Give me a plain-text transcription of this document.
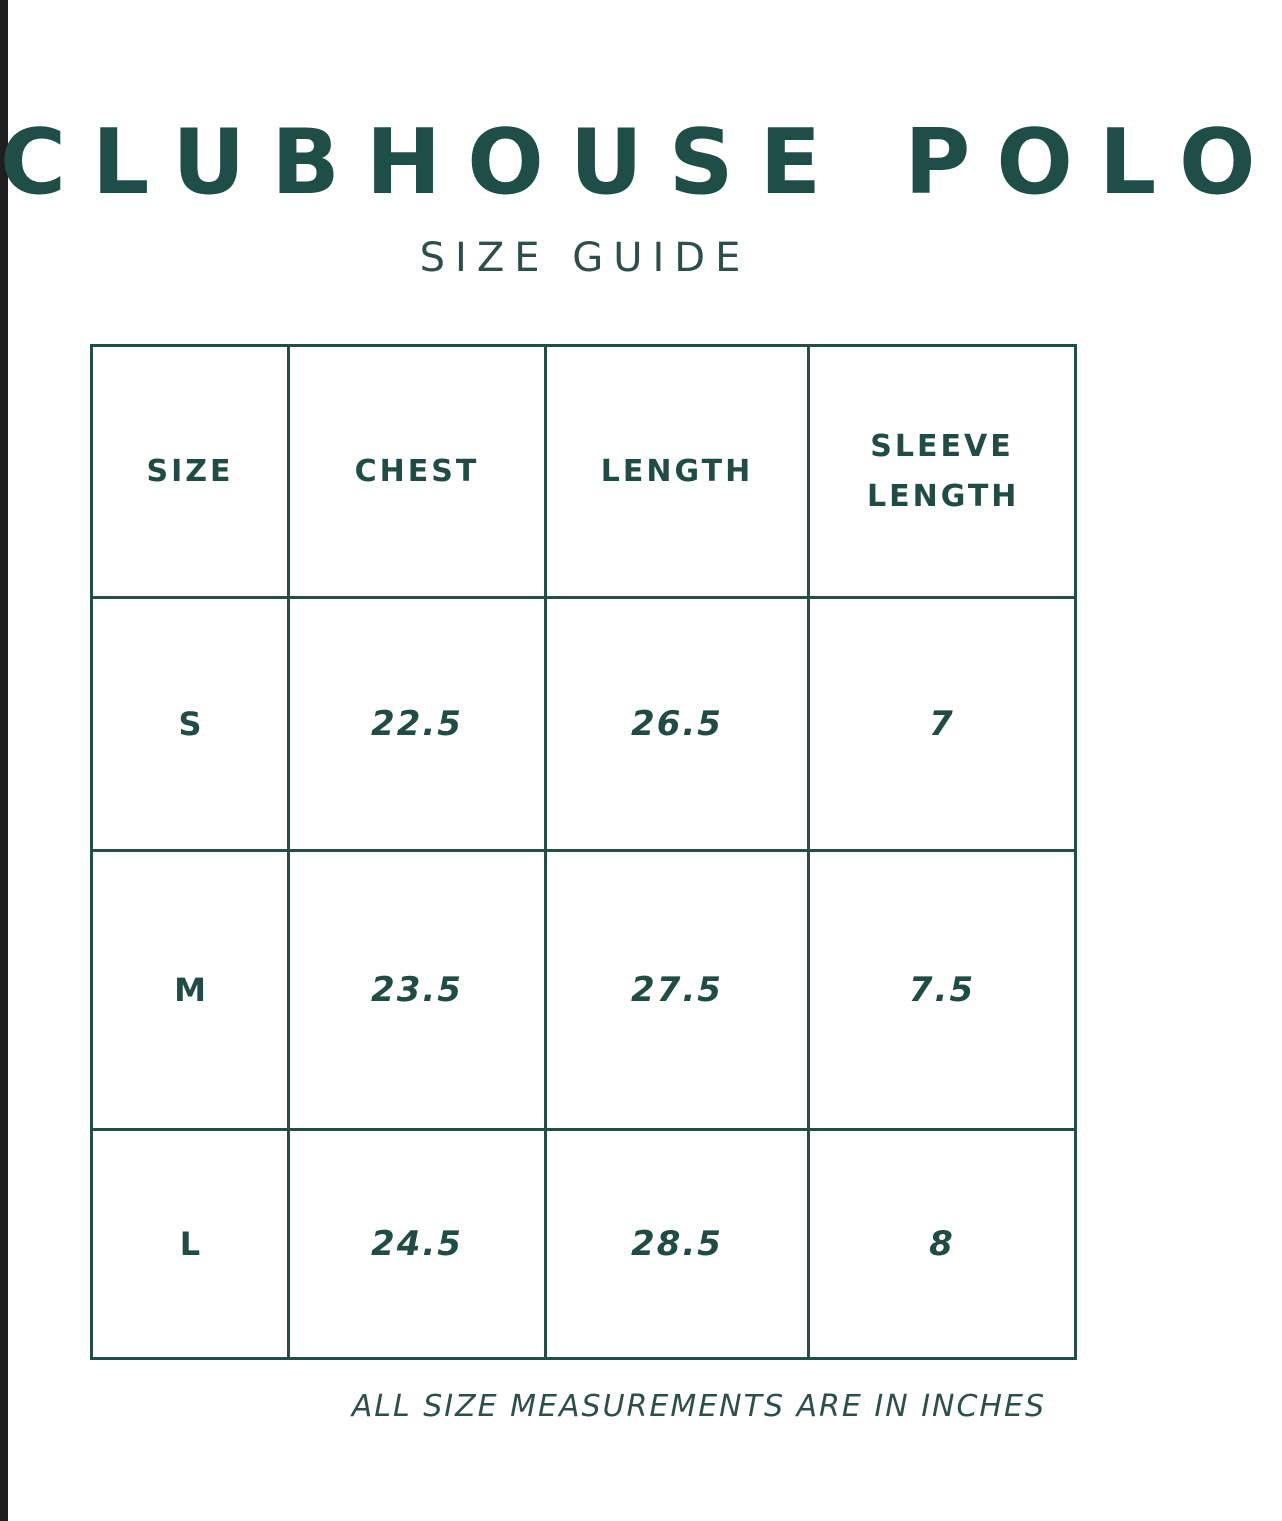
CLUBHOUSE POLO
SIZE GUIDE
SIZE	CHEST	LENGTH	SLEEVE LENGTH

S	22.5	26.5	7
M	23.5	27.5	7.5
L	24.5	28.5	8
ALL SIZE MEASUREMENTS ARE IN INCHES
